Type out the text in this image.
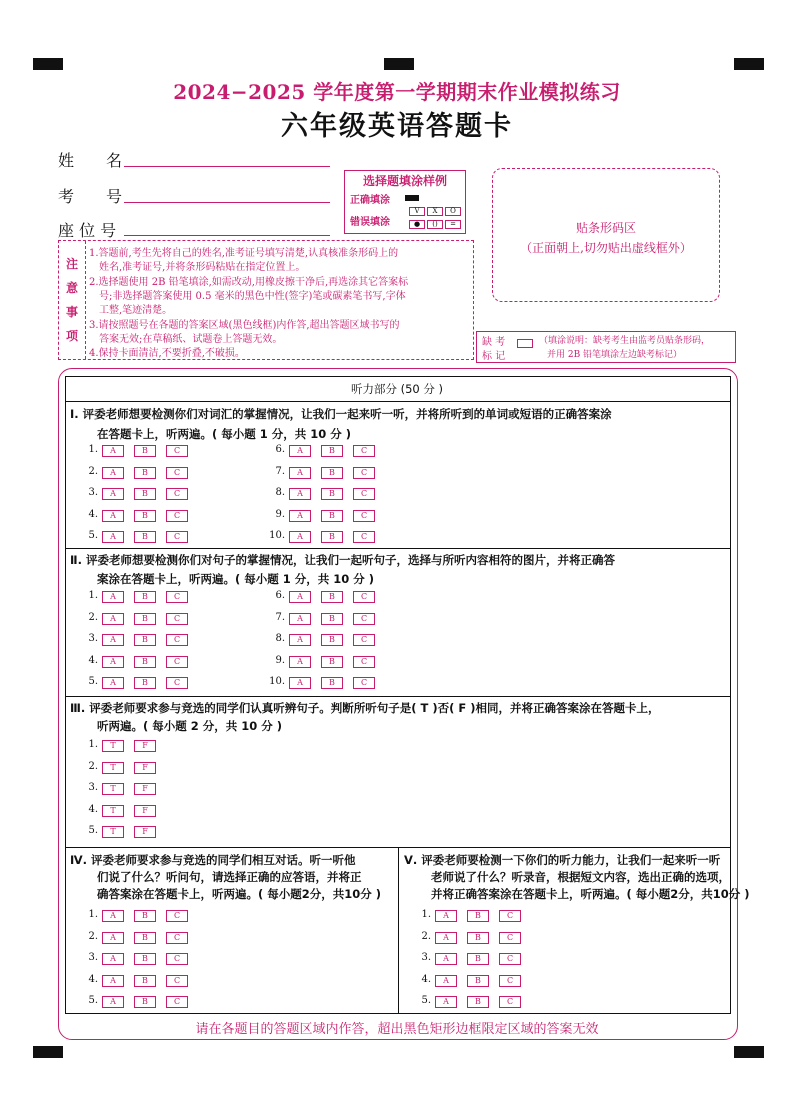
2024−2025 学年度第一学期期末作业模拟练习
六年级英语答题卡
姓　　名
考　　号
座 位 号
选择题填涂样例
正确填涂
错误填涂
V	X	O
●	()	=	贴条形码区
（正面朝上,切勿贴出虚线框外）
注
意
事
项
1.答题前,考生先将自己的姓名,准考证号填写清楚,认真核准条形码上的
　姓名,准考证号,并将条形码粘贴在指定位置上。
2.选择题使用 2B 铅笔填涂,如需改动,用橡皮擦干净后,再选涂其它答案标
　号;非选择题答案使用 0.5 毫米的黑色中性(签字)笔或碳素笔书写,字体
　工整,笔迹清楚。
3.请按照题号在各题的答案区域(黑色线框)内作答,超出答题区域书写的
　答案无效;在草稿纸、试题卷上答题无效。
4.保持卡面清洁,不要折叠,不破损。
缺 考
标 记
（填涂说明：缺考考生由监考员贴条形码，
并用 2B 铅笔填涂左边缺考标记）
听力部分 (50 分 )
Ⅰ. 评委老师想要检测你们对词汇的掌握情况，让我们一起来听一听，并将所听到的单词或短语的正确答案涂
在答题卡上，听两遍。( 每小题 1 分，共 10 分 )
1.	A	B	C
2.	A	B	C
3.	A	B	C
4.	A	B	C
5.	A	B	C
6.	A	B	C
7.	A	B	C
8.	A	B	C
9.	A	B	C
10.	A	B	C
Ⅱ. 评委老师想要检测你们对句子的掌握情况，让我们一起听句子，选择与所听内容相符的图片，并将正确答
案涂在答题卡上，听两遍。( 每小题 1 分，共 10 分 )
1.	A	B	C
2.	A	B	C
3.	A	B	C
4.	A	B	C
5.	A	B	C
6.	A	B	C
7.	A	B	C
8.	A	B	C
9.	A	B	C
10.	A	B	C
Ⅲ. 评委老师要求参与竞选的同学们认真听辨句子。判断所听句子是( T )否( F )相同，并将正确答案涂在答题卡上，
听两遍。( 每小题 2 分，共 10 分 )
1.	T	F
2.	T	F
3.	T	F
4.	T	F
5.	T	F
Ⅳ. 评委老师要求参与竞选的同学们相互对话。听一听他
们说了什么？听问句，请选择正确的应答语，并将正
确答案涂在答题卡上，听两遍。( 每小题2分，共10分 )
1.	A	B	C
2.	A	B	C
3.	A	B	C
4.	A	B	C
5.	A	B	C
Ⅴ. 评委老师要检测一下你们的听力能力，让我们一起来听一听
老师说了什么？听录音，根据短文内容，选出正确的选项，
并将正确答案涂在答题卡上，听两遍。( 每小题2分，共10分 )
1.	A	B	C
2.	A	B	C
3.	A	B	C
4.	A	B	C
5.	A	B	C
请在各题目的答题区域内作答，超出黑色矩形边框限定区域的答案无效
